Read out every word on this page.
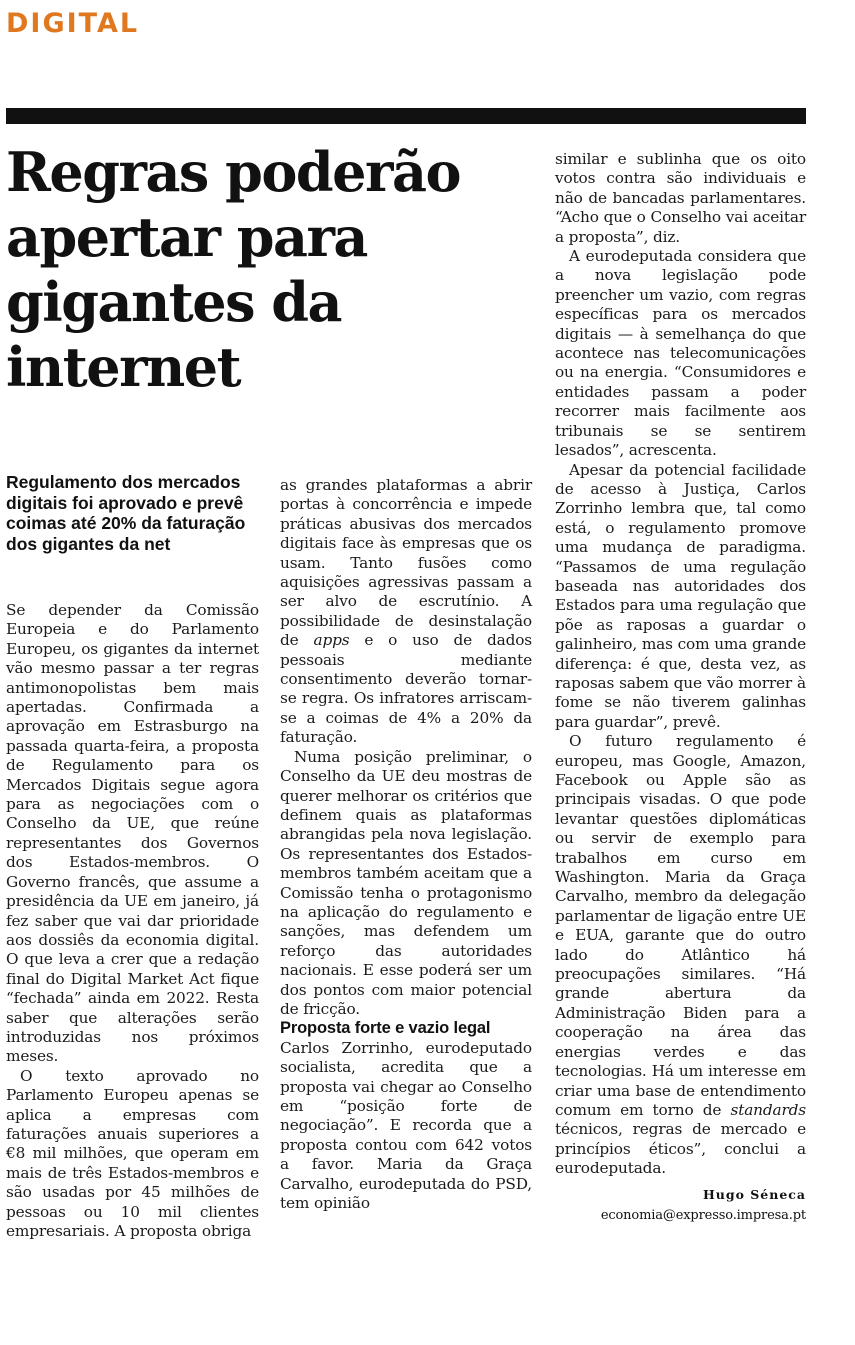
DIGITAL
Regras poderão apertar para gigantes da internet

Regulamento dos mercados digitais foi aprovado e prevê coimas até 20% da faturação dos gigantes da net

Se depender da Comissão Europeia e do Parlamento Europeu, os gigantes da internet vão mesmo passar a ter regras antimonopolistas bem mais apertadas. Confirmada a aprovação em Estrasburgo na passada quarta-feira, a proposta de Regulamento para os Mercados Digitais segue agora para as negociações com o Conselho da UE, que reúne representantes dos Governos dos Estados-membros. O Governo francês, que assume a presidência da UE em janeiro, já fez saber que vai dar prioridade aos dossiês da economia digital. O que leva a crer que a redação final do Digital Market Act fique “fechada” ainda em 2022. Resta saber que alterações serão introduzidas nos próximos meses.

O texto aprovado no Parlamento Europeu apenas se aplica a empresas com faturações anuais superiores a €8 mil milhões, que operam em mais de três Estados-membros e são usadas por 45 milhões de pessoas ou 10 mil clientes empresariais. A proposta obriga

as grandes plataformas a abrir portas à concorrência e impede práticas abusivas dos mercados digitais face às empresas que os usam. Tanto fusões como aquisições agressivas passam a ser alvo de escrutínio. A possibilidade de desinstalação de apps e o uso de dados pessoais mediante consentimento deverão tornar-se regra. Os infratores arriscam-se a coimas de 4% a 20% da faturação.

Numa posição preliminar, o Conselho da UE deu mostras de querer melhorar os critérios que definem quais as plataformas abrangidas pela nova legislação. Os representantes dos Estados-membros também aceitam que a Comissão tenha o protagonismo na aplicação do regulamento e sanções, mas defendem um reforço das autoridades nacionais. E esse poderá ser um dos pontos com maior potencial de fricção.

Proposta forte e vazio legal

Carlos Zorrinho, eurodeputado socialista, acredita que a proposta vai chegar ao Conselho em “posição forte de negociação”. E recorda que a proposta contou com 642 votos a favor. Maria da Graça Carvalho, eurodeputada do PSD, tem opinião

similar e sublinha que os oito votos contra são individuais e não de bancadas parlamentares. “Acho que o Conselho vai aceitar a proposta”, diz.

A eurodeputada considera que a nova legislação pode preencher um vazio, com regras específicas para os mercados digitais — à semelhança do que acontece nas telecomunicações ou na energia. “Consumidores e entidades passam a poder recorrer mais facilmente aos tribunais se se sentirem lesados”, acrescenta.

Apesar da potencial facilidade de acesso à Justiça, Carlos Zorrinho lembra que, tal como está, o regulamento promove uma mudança de paradigma. “Passamos de uma regulação baseada nas autoridades dos Estados para uma regulação que põe as raposas a guardar o galinheiro, mas com uma grande diferença: é que, desta vez, as raposas sabem que vão morrer à fome se não tiverem galinhas para guardar”, prevê.

O futuro regulamento é europeu, mas Google, Amazon, Facebook ou Apple são as principais visadas. O que pode levantar questões diplomáticas ou servir de exemplo para trabalhos em curso em Washington. Maria da Graça Carvalho, membro da delegação parlamentar de ligação entre UE e EUA, garante que do outro lado do Atlântico há preocupações similares. “Há grande abertura da Administração Biden para a cooperação na área das energias verdes e das tecnologias. Há um interesse em criar uma base de entendimento comum em torno de standards técnicos, regras de mercado e princípios éticos”, conclui a eurodeputada.

Hugo Séneca
economia@expresso.impresa.pt
